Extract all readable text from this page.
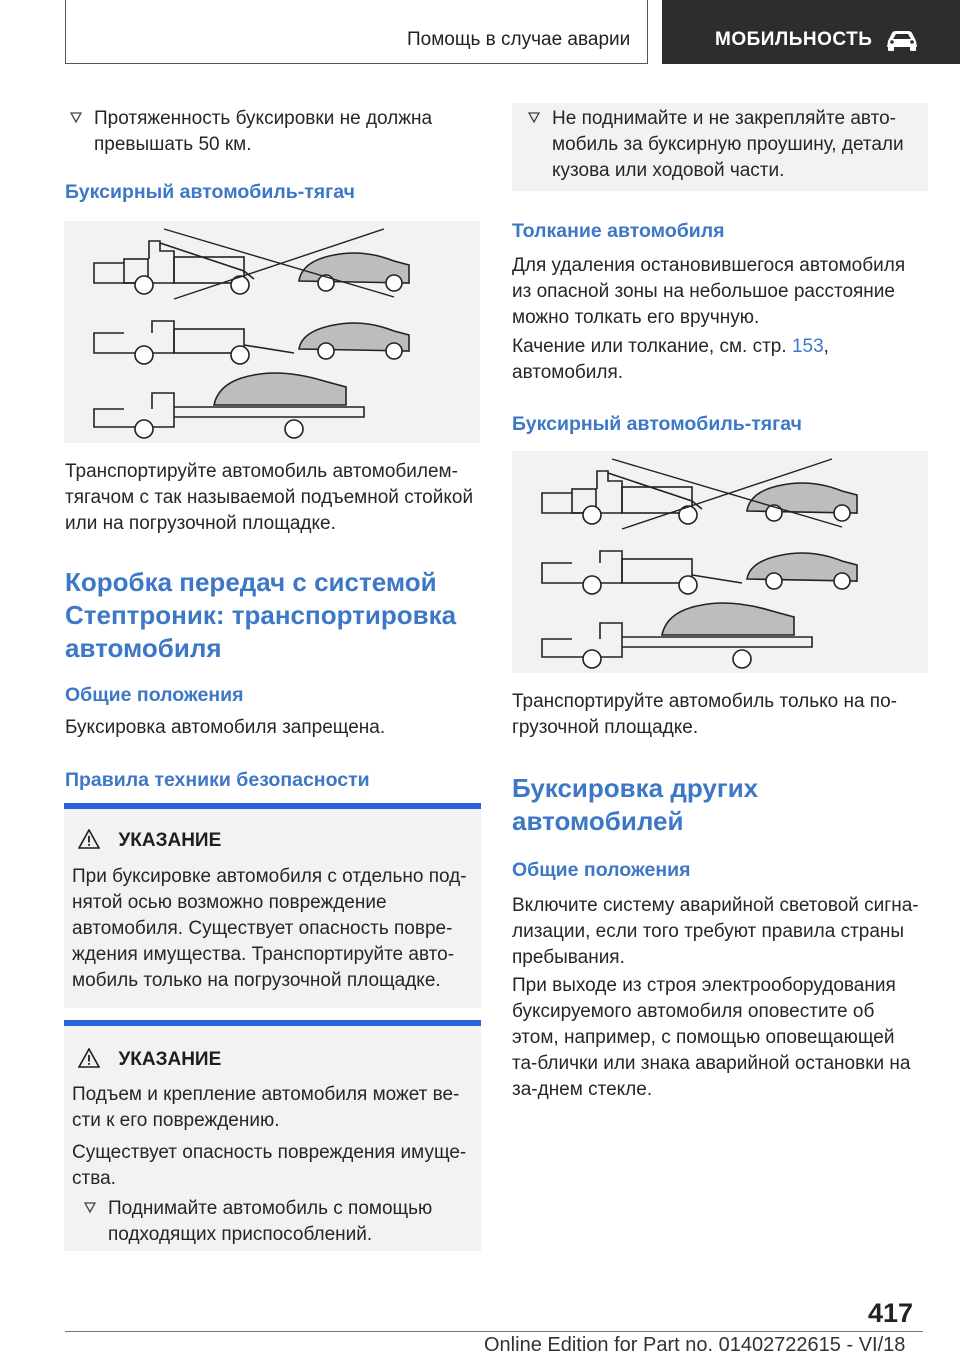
Помощь в случае аварии	МОБИЛЬНОСТЬ
Протяженность буксировки не должна превышать 50 км.
Буксирный автомобиль-тягач
Транспортируйте автомобиль автомобилем-тягачом с так называемой подъемной стойкой или на погрузочной площадке.
Коробка передач с системой
Стептроник: транспортировка
автомобиля
Общие положения
Буксировка автомобиля запрещена.
Правила техники безопасности
УКАЗАНИЕ
При буксировке автомобиля с отдельно под-нятой осью возможно повреждение автомобиля. Существует опасность повре-ждения имущества. Транспортируйте авто-мобиль только на погрузочной площадке.
УКАЗАНИЕ
Подъем и крепление автомобиля может ве-сти к его повреждению.
Существует опасность повреждения имуще-ства.
Поднимайте автомобиль с помощью подходящих приспособлений.
Не поднимайте и не закрепляйте авто-мобиль за буксирную проушину, детали кузова или ходовой части.
Толкание автомобиля
Для удаления остановившегося автомобиля из опасной зоны на небольшое расстояние можно толкать его вручную.
Качение или толкание, см. стр. 153,
автомобиля.
Буксирный автомобиль-тягач
Транспортируйте автомобиль только на по-грузочной площадке.
Буксировка других
автомобилей
Общие положения
Включите систему аварийной световой сигна-лизации, если того требуют правила страны пребывания.
При выходе из строя электрооборудования буксируемого автомобиля оповестите об этом, например, с помощью оповещающей та-блички или знака аварийной остановки на за-днем стекле.
417
Online Edition for Part no. 01402722615 - VI/18
